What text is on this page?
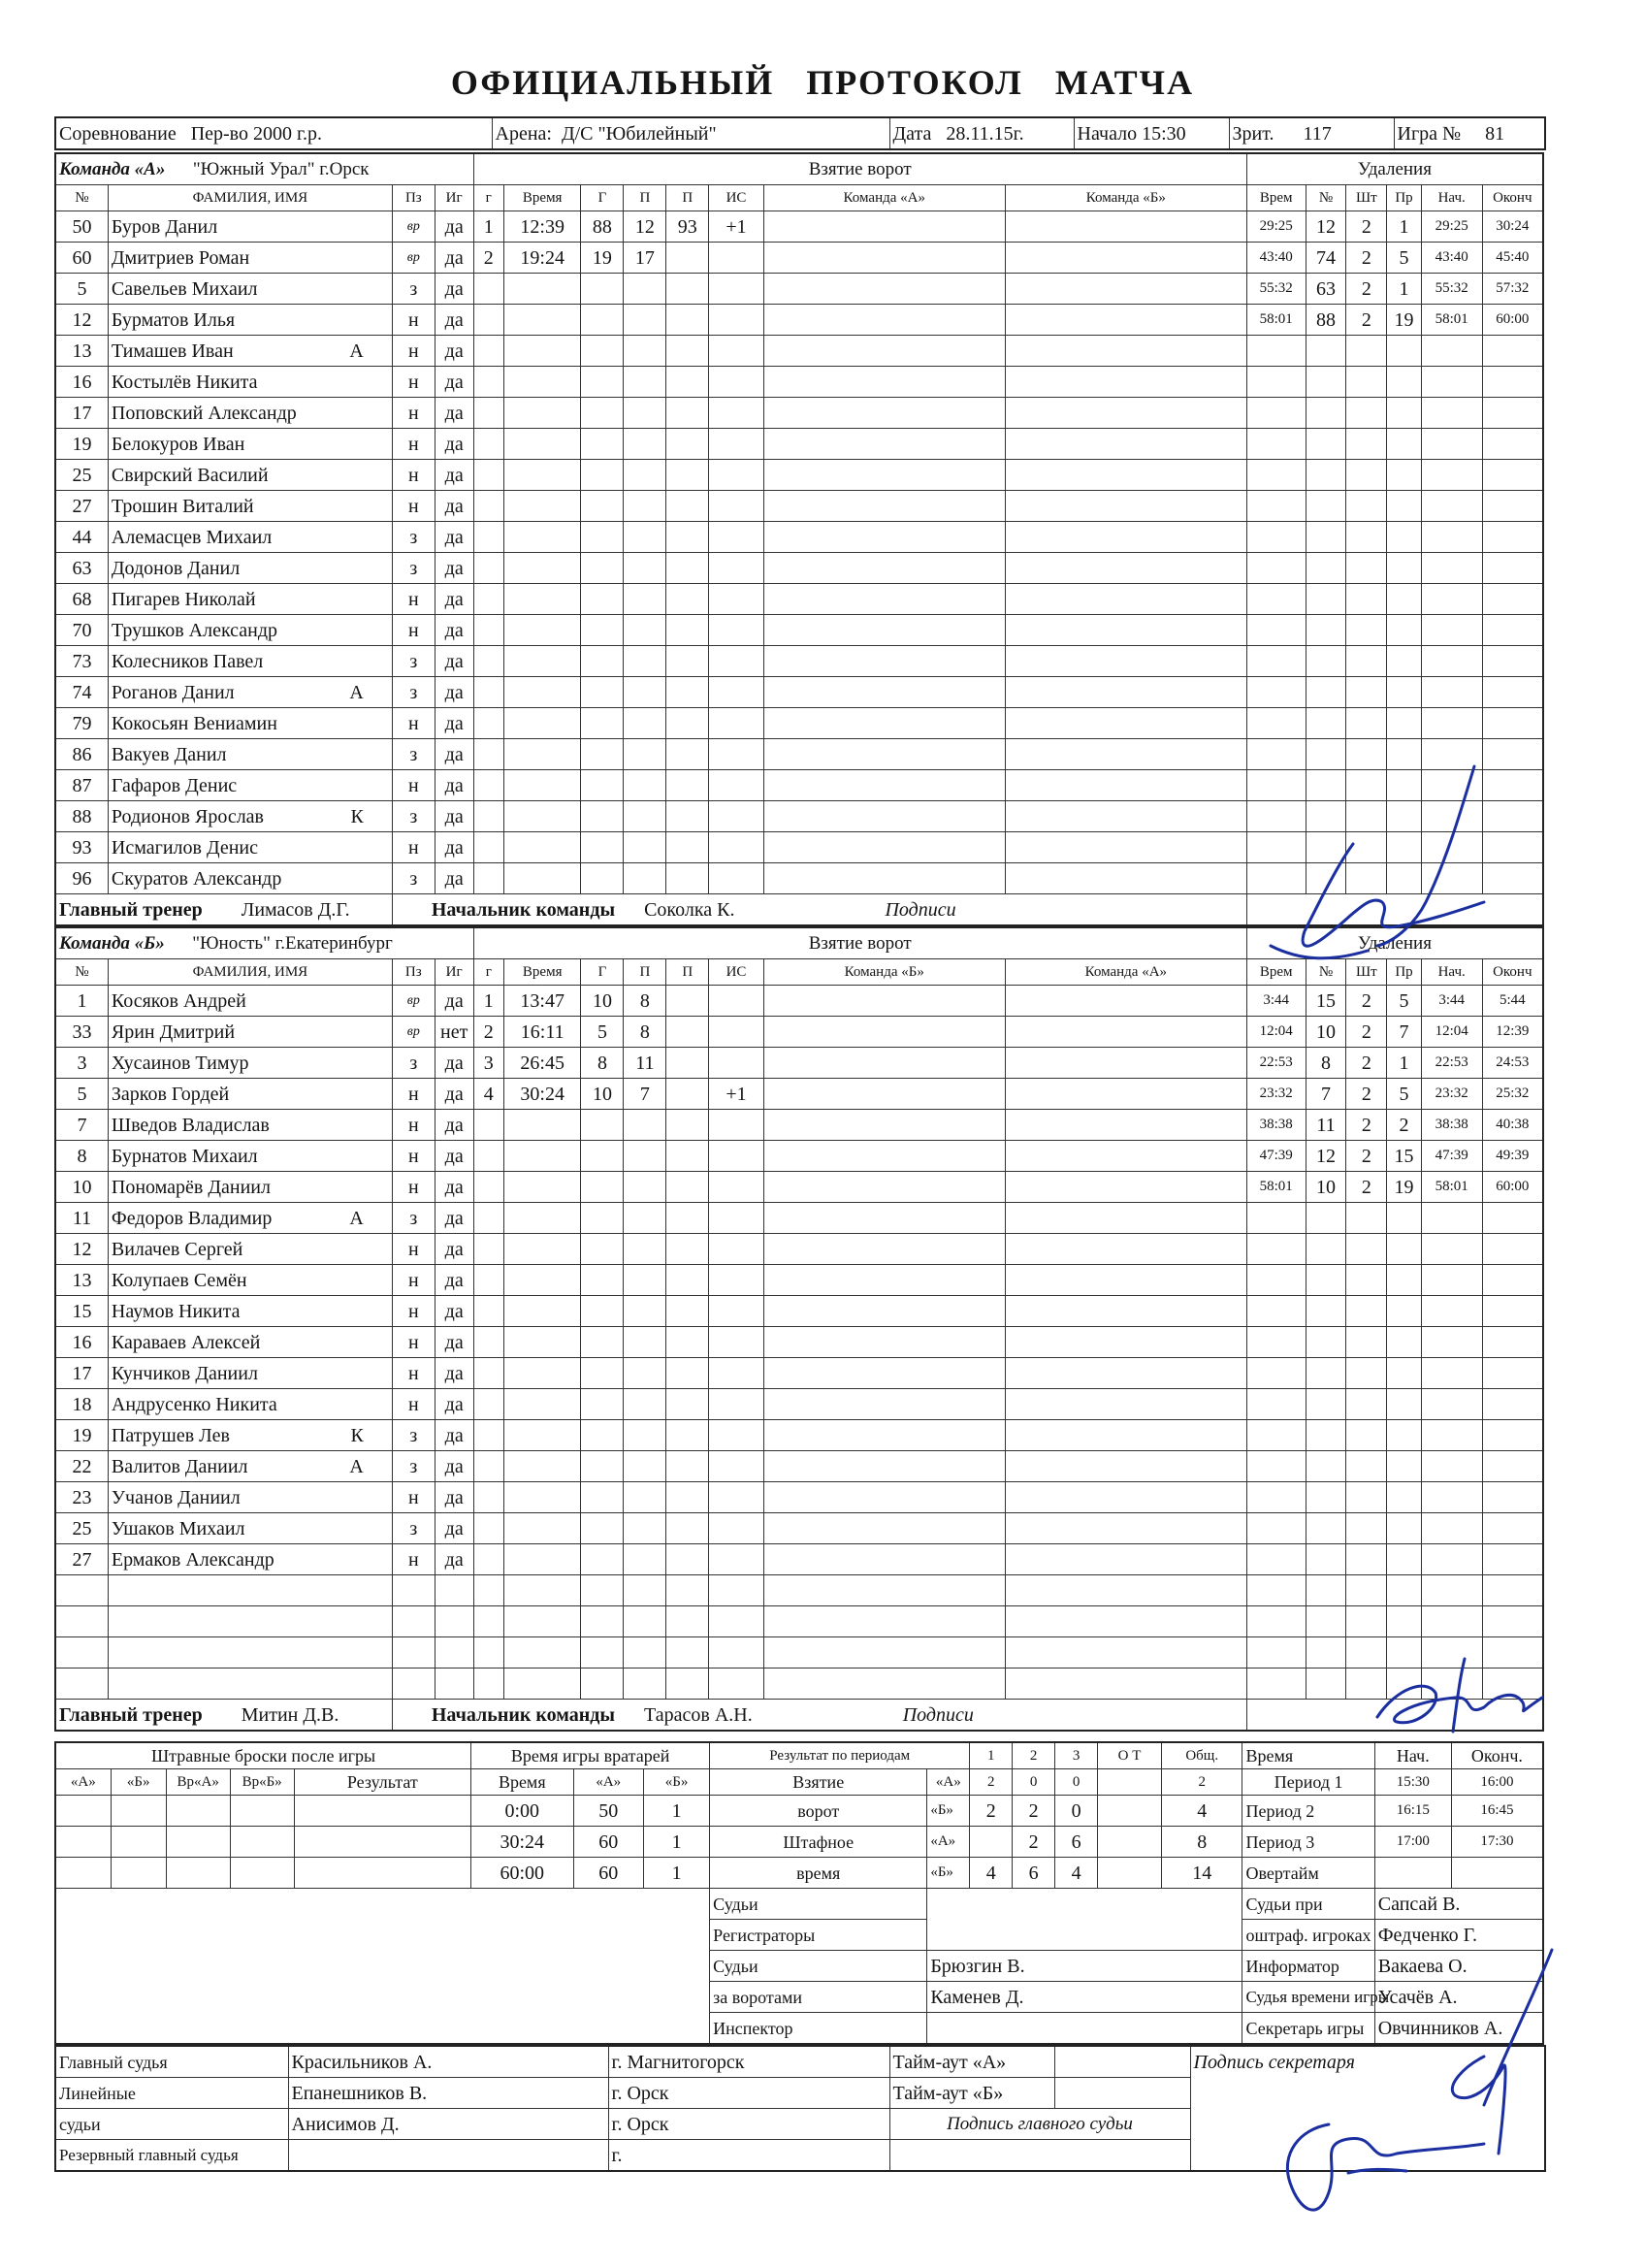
ОФИЦИАЛЬНЫЙ ПРОТОКОЛ МАТЧА
Соревнование Пер-во 2000 г.р.	Арена: Д/С "Юбилейный"	Дата 28.11.15г.	Начало 15:30	Зрит. 117	Игра № 81
Команда «А» "Южный Урал" г.Орск				Взятие ворот								Удаления					
№	ФАМИЛИЯ, ИМЯ	Пз	Иг	г	Время	Г	П	П	ИС	Команда «А»	Команда «Б»	Врем	№	Шт	Пр	Нач.	Оконч
50	Буров Данил	вр	да	1	12:39	88	12	93	+1			29:25	12	2	1	29:25	30:24
60	Дмитриев Роман	вр	да	2	19:24	19	17					43:40	74	2	5	43:40	45:40
5	Савельев Михаил	з	да									55:32	63	2	1	55:32	57:32
12	Бурматов Илья	н	да									58:01	88	2	19	58:01	60:00
13	Тимашев Иван А	н	да														
16	Костылёв Никита	н	да														
17	Поповский Александр	н	да														
19	Белокуров Иван	н	да														
25	Свирский Василий	н	да														
27	Трошин Виталий	н	да														
44	Алемасцев Михаил	з	да														
63	Додонов Данил	з	да														
68	Пигарев Николай	н	да														
70	Трушков Александр	н	да														
73	Колесников Павел	з	да														
74	Роганов Данил А	з	да														
79	Кокосьян Вениамин	н	да														
86	Вакуев Данил	з	да														
87	Гафаров Денис	н	да														
88	Родионов Ярослав К	з	да														
93	Исмагилов Денис	н	да														
96	Скуратов Александр	з	да														
Главный тренер Лимасов Д.Г.		Начальник команды Соколка К. Подписи															
Команда «Б» "Юность" г.Екатеринбург				Взятие ворот								Удаления					
№	ФАМИЛИЯ, ИМЯ	Пз	Иг	г	Время	Г	П	П	ИС	Команда «Б»	Команда «А»	Врем	№	Шт	Пр	Нач.	Оконч
1	Косяков Андрей	вр	да	1	13:47	10	8					3:44	15	2	5	3:44	5:44
33	Ярин Дмитрий	вр	нет	2	16:11	5	8					12:04	10	2	7	12:04	12:39
3	Хусаинов Тимур	з	да	3	26:45	8	11					22:53	8	2	1	22:53	24:53
5	Зарков Гордей	н	да	4	30:24	10	7		+1			23:32	7	2	5	23:32	25:32
7	Шведов Владислав	н	да									38:38	11	2	2	38:38	40:38
8	Бурнатов Михаил	н	да									47:39	12	2	15	47:39	49:39
10	Пономарёв Даниил	н	да									58:01	10	2	19	58:01	60:00
11	Федоров Владимир А	з	да														
12	Вилачев Сергей	н	да														
13	Колупаев Семён	н	да														
15	Наумов Никита	н	да														
16	Караваев Алексей	н	да														
17	Кунчиков Даниил	н	да														
18	Андрусенко Никита	н	да														
19	Патрушев Лев К	з	да														
22	Валитов Даниил А	з	да														
23	Учанов Даниил	н	да														
25	Ушаков Михаил	з	да														
27	Ермаков Александр	н	да														

Главный тренер Митин Д.В.		Начальник команды Тарасов А.Н. Подписи															
Штравные броски после игры					Время игры вратарей			Результат по периодам		1	2	3	О Т	Общ.	Время	Нач.	Оконч.
«А»	«Б»	Вр«А»	Вр«Б»	Результат	Время	«А»	«Б»	Взятие	«А»	2	0	0		2	Период 1	15:30	16:00
					0:00	50	1	ворот	«Б»	2	2	0		4	Период 2	16:15	16:45
					30:24	60	1	Штафное	«А»		2	6		8	Период 3	17:00	17:30
					60:00	60	1	время	«Б»	4	6	4		14	Овертайм		
								Судьи							Судьи при	Сапсай В.	
								Регистраторы							оштраф. игроках	Федченко Г.	
								Судьи	Брюзгин В.						Информатор	Вакаева О.	
								за воротами	Каменев Д.						Судья времени игры	Усачёв А.	
								Инспектор							Секретарь игры	Овчинников А.	
Главный судья	Красильников А.	г. Магнитогорск	Тайм-аут «А»		Подпись секретаря
Линейные	Епанешников В.	г. Орск	Тайм-аут «Б»		
судьи	Анисимов Д.	г. Орск	Подпись главного судьи		
Резервный главный судья		г.			
